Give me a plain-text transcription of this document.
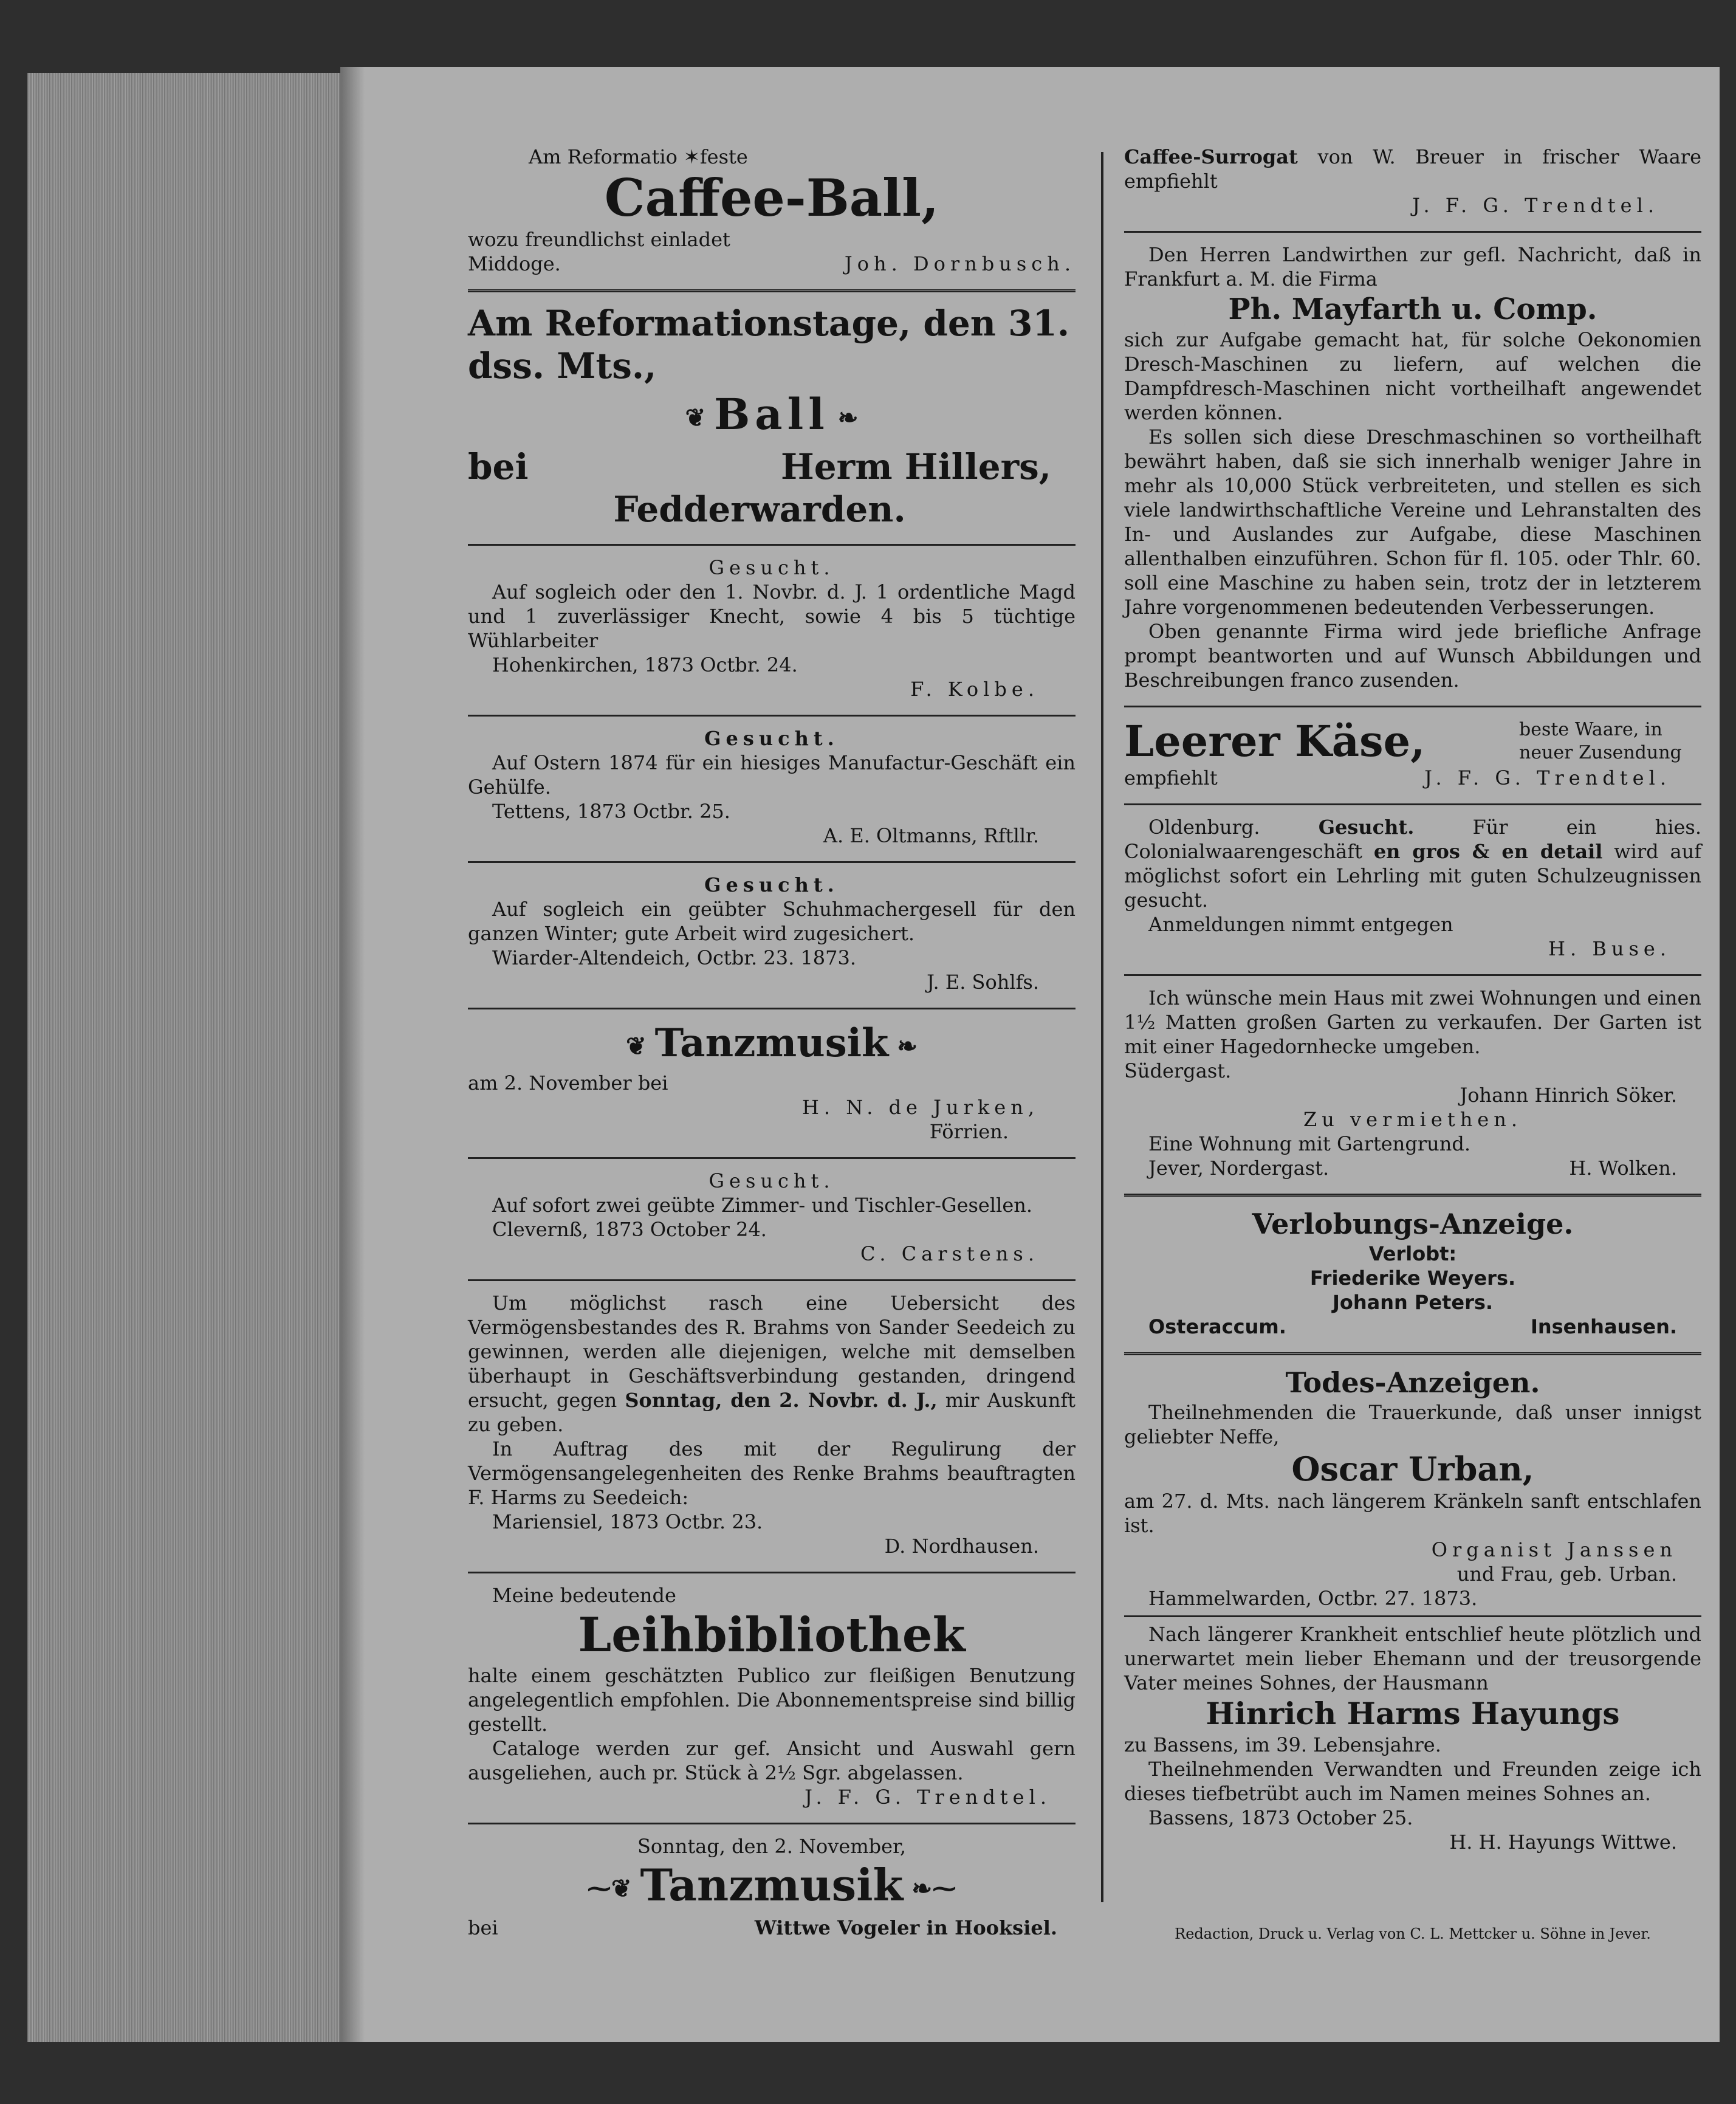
Am Reformatio ✶feste

Caffee-Ball,

wozu freundlichst einladet

Middoge.	Joh. Dornbusch.

Am Reformationstage, den 31.

dss. Mts.,

❦ Ball ❧

bei	Herm Hillers,

Fedderwarden.

Gesucht.

Auf sogleich oder den 1. Novbr. d. J. 1 ordentliche Magd und 1 zuverlässiger Knecht, sowie 4 bis 5 tüchtige Wühlarbeiter

Hohenkirchen, 1873 Octbr. 24.

F. Kolbe.

Gesucht.

Auf Ostern 1874 für ein hiesiges Manufactur-Geschäft ein Gehülfe.

Tettens, 1873 Octbr. 25.

A. E. Oltmanns, Rftllr.

Gesucht.

Auf sogleich ein geübter Schuhmachergesell für den ganzen Winter; gute Arbeit wird zugesichert.

Wiarder-Altendeich, Octbr. 23. 1873.

J. E. Sohlfs.

❦ Tanzmusik ❧

am 2. November bei

H. N. de Jurken,

Förrien.

Gesucht.

Auf sofort zwei geübte Zimmer- und Tischler-Gesellen.

Clevernß, 1873 October 24.

C. Carstens.

Um möglichst rasch eine Uebersicht des Vermögensbestandes des R. Brahms von Sander Seedeich zu gewinnen, werden alle diejenigen, welche mit demselben überhaupt in Geschäftsverbindung gestanden, dringend ersucht, gegen Sonntag, den 2. Novbr. d. J., mir Auskunft zu geben.

In Auftrag des mit der Regulirung der Vermögensangelegenheiten des Renke Brahms beauftragten F. Harms zu Seedeich:

Mariensiel, 1873 Octbr. 23.

D. Nordhausen.

Meine bedeutende

Leihbibliothek

halte einem geschätzten Publico zur fleißigen Benutzung angelegentlich empfohlen. Die Abonnementspreise sind billig gestellt.

Cataloge werden zur gef. Ansicht und Auswahl gern ausgeliehen, auch pr. Stück à 2½ Sgr. abgelassen.

J. F. G. Trendtel.

Sonntag, den 2. November,

⁓❦ Tanzmusik ❧⁓

bei	Wittwe Vogeler in Hooksiel.

Caffee-Surrogat von W. Breuer in frischer Waare empfiehlt

J. F. G. Trendtel.

Den Herren Landwirthen zur gefl. Nachricht, daß in Frankfurt a. M. die Firma

Ph. Mayfarth u. Comp.

sich zur Aufgabe gemacht hat, für solche Oekonomien Dresch-Maschinen zu liefern, auf welchen die Dampfdresch-Maschinen nicht vortheilhaft angewendet werden können.

Es sollen sich diese Dreschmaschinen so vortheilhaft bewährt haben, daß sie sich innerhalb weniger Jahre in mehr als 10,000 Stück verbreiteten, und stellen es sich viele landwirthschaftliche Vereine und Lehranstalten des In- und Auslandes zur Aufgabe, diese Maschinen allenthalben einzuführen. Schon für fl. 105. oder Thlr. 60. soll eine Maschine zu haben sein, trotz der in letzterem Jahre vorgenommenen bedeutenden Verbesserungen.

Oben genannte Firma wird jede briefliche Anfrage prompt beantworten und auf Wunsch Abbildungen und Beschreibungen franco zusenden.

Leerer Käse,	beste Waare, in neuer Zusendung
empfiehlt	J. F. G. Trendtel.

Oldenburg.	Gesucht.	Für ein hies. Colonialwaarengeschäft en gros & en detail wird auf möglichst sofort ein Lehrling mit guten Schulzeugnissen gesucht.

Anmeldungen nimmt entgegen

H. Buse.

Ich wünsche mein Haus mit zwei Wohnungen und einen 1½ Matten großen Garten zu verkaufen. Der Garten ist mit einer Hagedornhecke umgeben.

Südergast.

Johann Hinrich Söker.

Zu vermiethen.

Eine Wohnung mit Gartengrund.

Jever, Nordergast.	H. Wolken.

Verlobungs-Anzeige.

Verlobt:

Friederike Weyers.

Johann Peters.

Osteraccum.	Insenhausen.

Todes-Anzeigen.

Theilnehmenden die Trauerkunde, daß unser innigst geliebter Neffe,

Oscar Urban,

am 27. d. Mts. nach längerem Kränkeln sanft entschlafen ist.

Organist Janssen

und Frau, geb. Urban.

Hammelwarden, Octbr. 27. 1873.

Nach längerer Krankheit entschlief heute plötzlich und unerwartet mein lieber Ehemann und der treusorgende Vater meines Sohnes, der Hausmann

Hinrich Harms Hayungs

zu Bassens, im 39. Lebensjahre.

Theilnehmenden Verwandten und Freunden zeige ich dieses tiefbetrübt auch im Namen meines Sohnes an.

Bassens, 1873 October 25.

H. H. Hayungs Wittwe.

Redaction, Druck u. Verlag von C. L. Mettcker u. Söhne in Jever.
